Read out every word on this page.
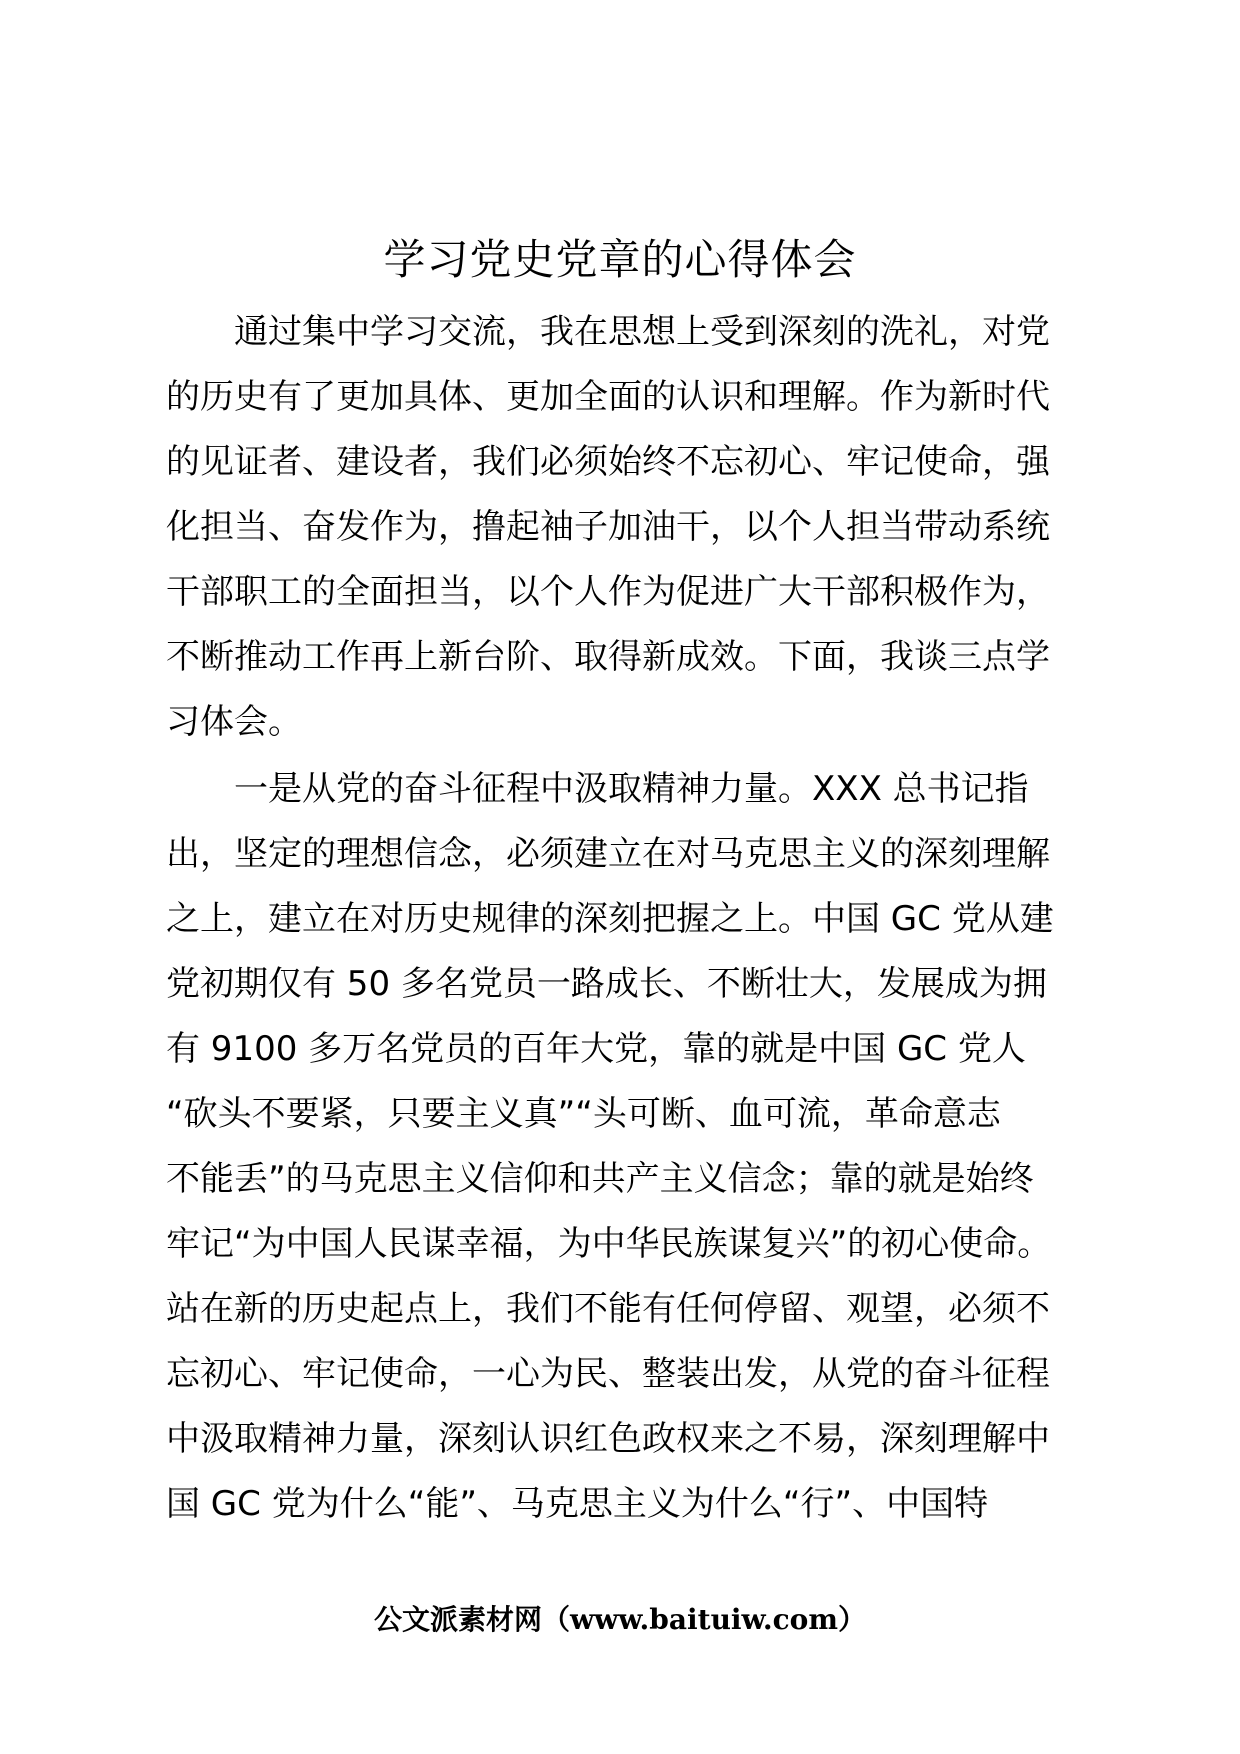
学习党史党章的心得体会
通过集中学习交流，我在思想上受到深刻的洗礼，对党
的历史有了更加具体、更加全面的认识和理解。作为新时代
的见证者、建设者，我们必须始终不忘初心、牢记使命，强
化担当、奋发作为，撸起袖子加油干，以个人担当带动系统
干部职工的全面担当，以个人作为促进广大干部积极作为，
不断推动工作再上新台阶、取得新成效。下面，我谈三点学
习体会。
一是从党的奋斗征程中汲取精神力量。XXX 总书记指
出，坚定的理想信念，必须建立在对马克思主义的深刻理解
之上，建立在对历史规律的深刻把握之上。中国 GC 党从建
党初期仅有 50 多名党员一路成长、不断壮大，发展成为拥
有 9100 多万名党员的百年大党，靠的就是中国 GC 党人
“砍头不要紧，只要主义真”“头可断、血可流，革命意志
不能丢”的马克思主义信仰和共产主义信念；靠的就是始终
牢记“为中国人民谋幸福，为中华民族谋复兴”的初心使命。
站在新的历史起点上，我们不能有任何停留、观望，必须不
忘初心、牢记使命，一心为民、整装出发，从党的奋斗征程
中汲取精神力量，深刻认识红色政权来之不易，深刻理解中
国 GC 党为什么“能”、马克思主义为什么“行”、中国特
公文派素材网（www.baituiw.com）
